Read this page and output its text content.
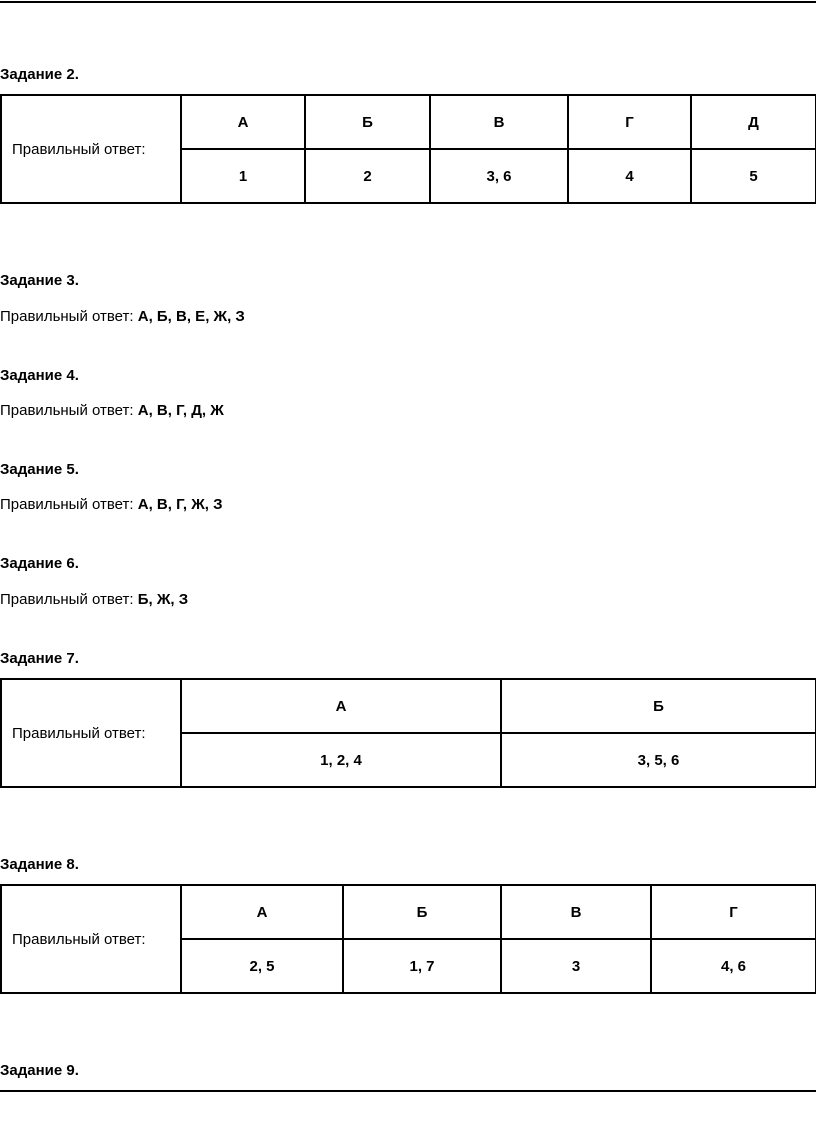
Задание 2.

Правильный ответ:	А	Б	В	Г	Д
	1	2	3, 6	4	5

Задание 3.

Правильный ответ: А, Б, В, Е, Ж, З

Задание 4.

Правильный ответ: А, В, Г, Д, Ж

Задание 5.

Правильный ответ: А, В, Г, Ж, З

Задание 6.

Правильный ответ: Б, Ж, З

Задание 7.

Правильный ответ:	А	Б
	1, 2, 4	3, 5, 6

Задание 8.

Правильный ответ:	А	Б	В	Г
	2, 5	1, 7	3	4, 6

Задание 9.
